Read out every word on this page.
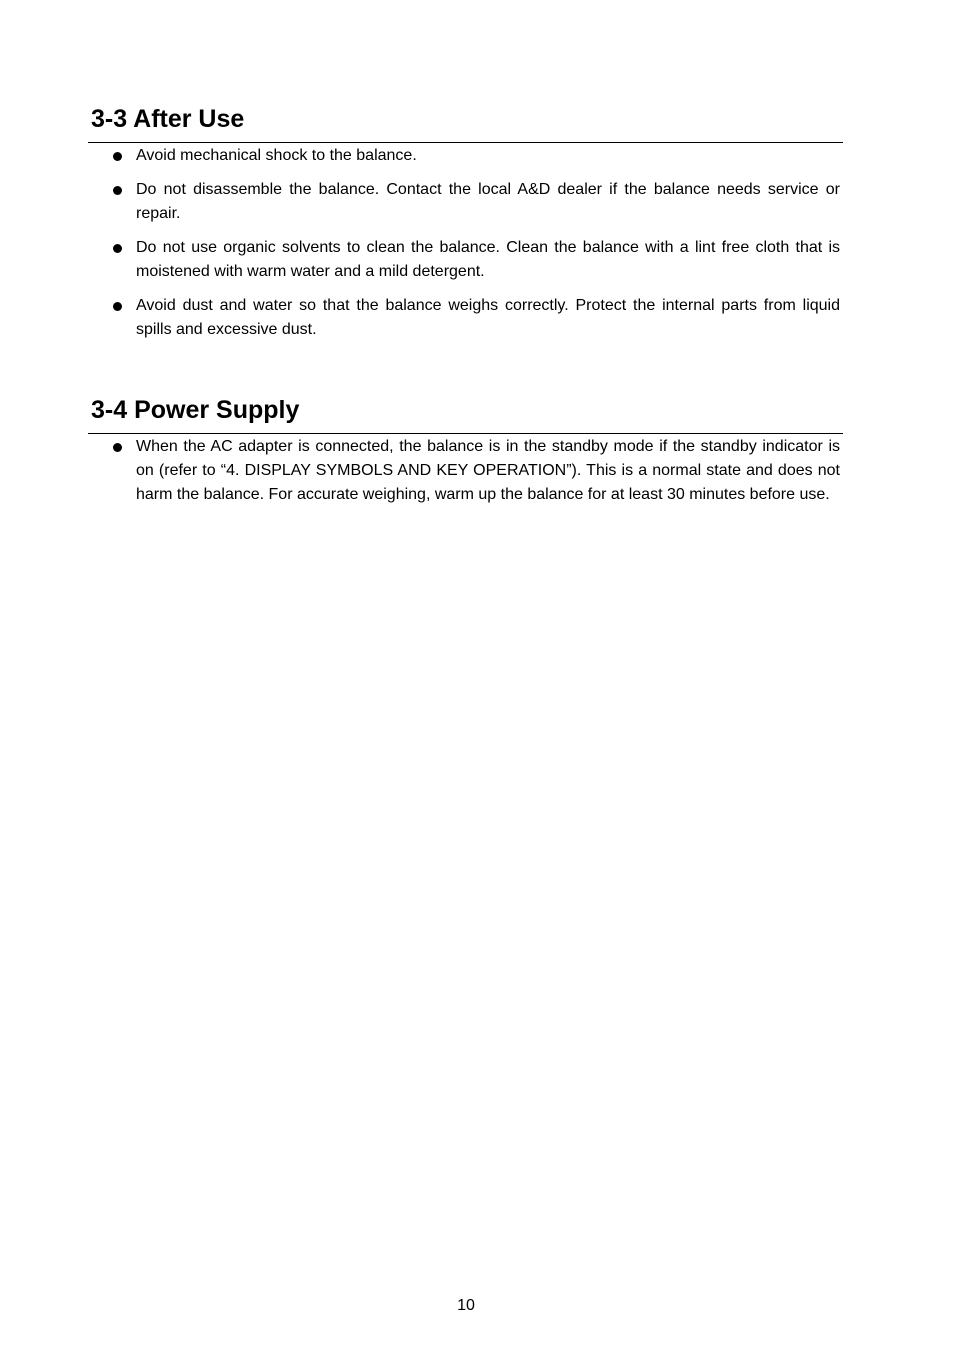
3-3 After Use
Avoid mechanical shock to the balance.
Do not disassemble the balance. Contact the local A&D dealer if the balance needs service or repair.
Do not use organic solvents to clean the balance. Clean the balance with a lint free cloth that is moistened with warm water and a mild detergent.
Avoid dust and water so that the balance weighs correctly. Protect the internal parts from liquid spills and excessive dust.
3-4 Power Supply
When the AC adapter is connected, the balance is in the standby mode if the standby indicator is on (refer to “4. DISPLAY SYMBOLS AND KEY OPERATION”). This is a normal state and does not harm the balance. For accurate weighing, warm up the balance for at least 30 minutes before use.
10
